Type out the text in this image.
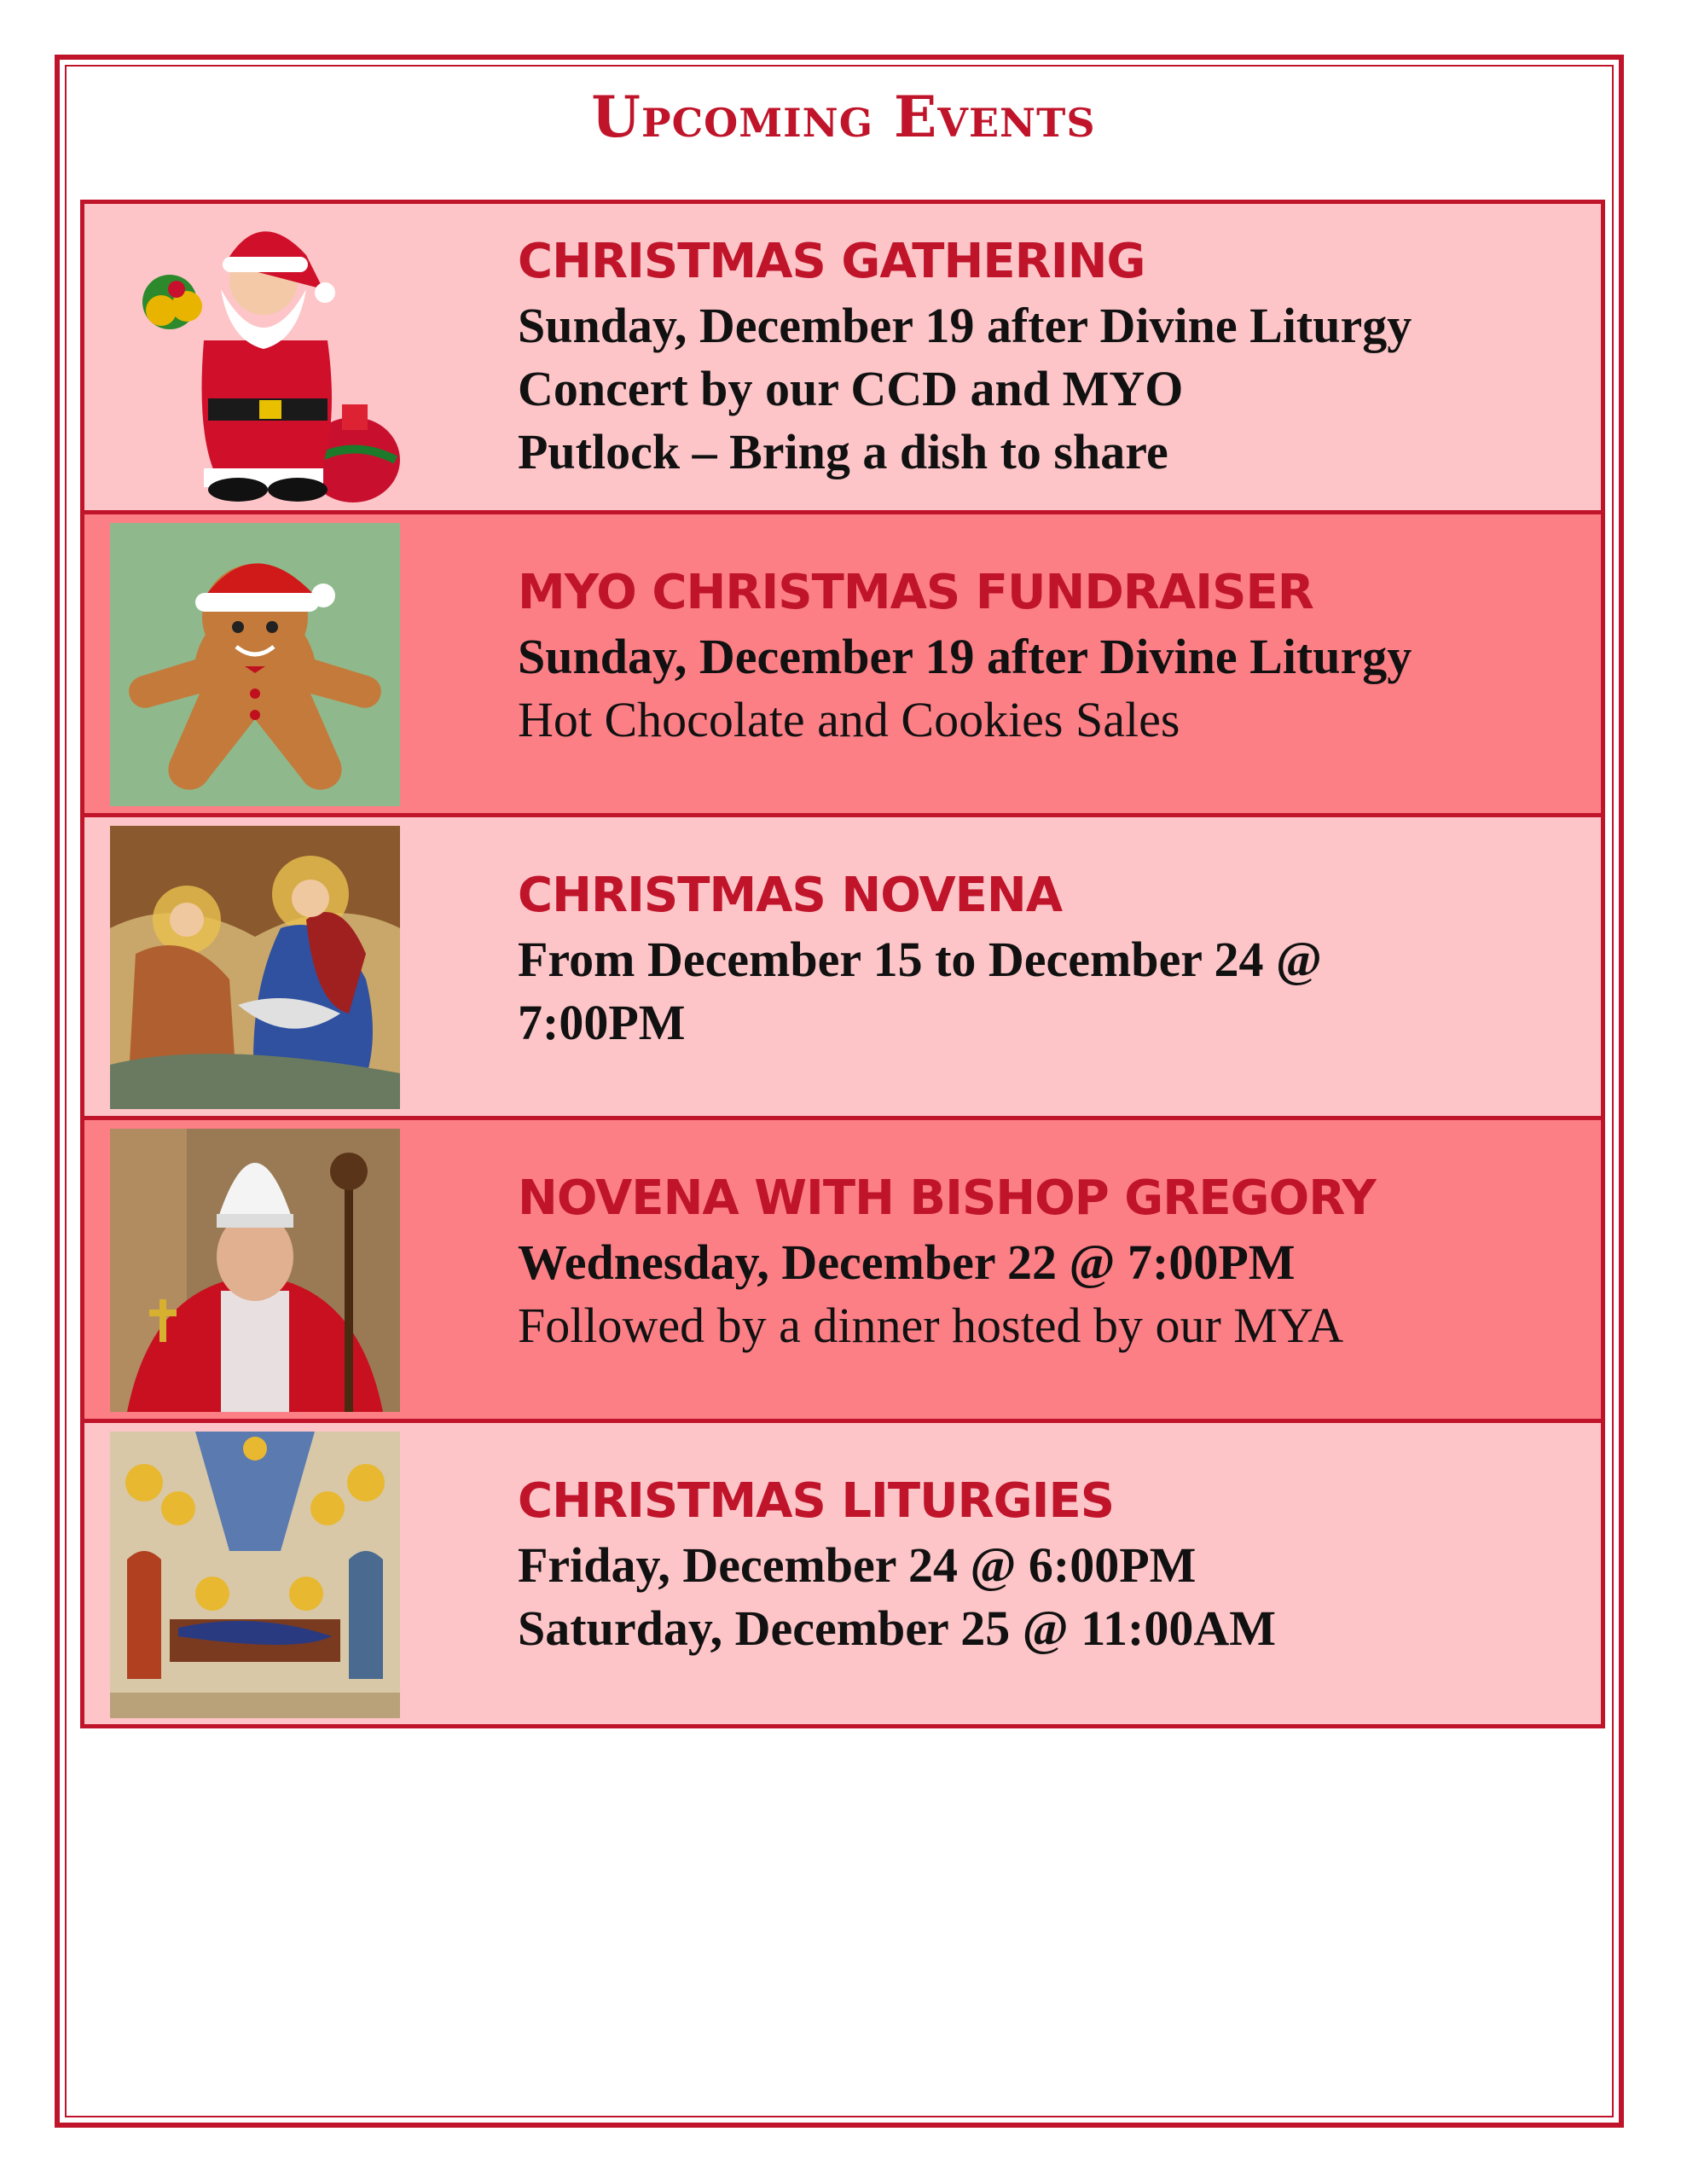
Upcoming Events

CHRISTMAS GATHERING

Sunday, December 19 after Divine Liturgy

Concert by our CCD and MYO

Putlock – Bring a dish to share

MYO CHRISTMAS FUNDRAISER

Sunday, December 19 after Divine Liturgy

Hot Chocolate and Cookies Sales

CHRISTMAS NOVENA

From December 15 to December 24 @

7:00PM

NOVENA WITH BISHOP GREGORY

Wednesday, December 22 @ 7:00PM

Followed by a dinner hosted by our MYA

CHRISTMAS LITURGIES

Friday, December 24 @ 6:00PM

Saturday, December 25 @ 11:00AM
